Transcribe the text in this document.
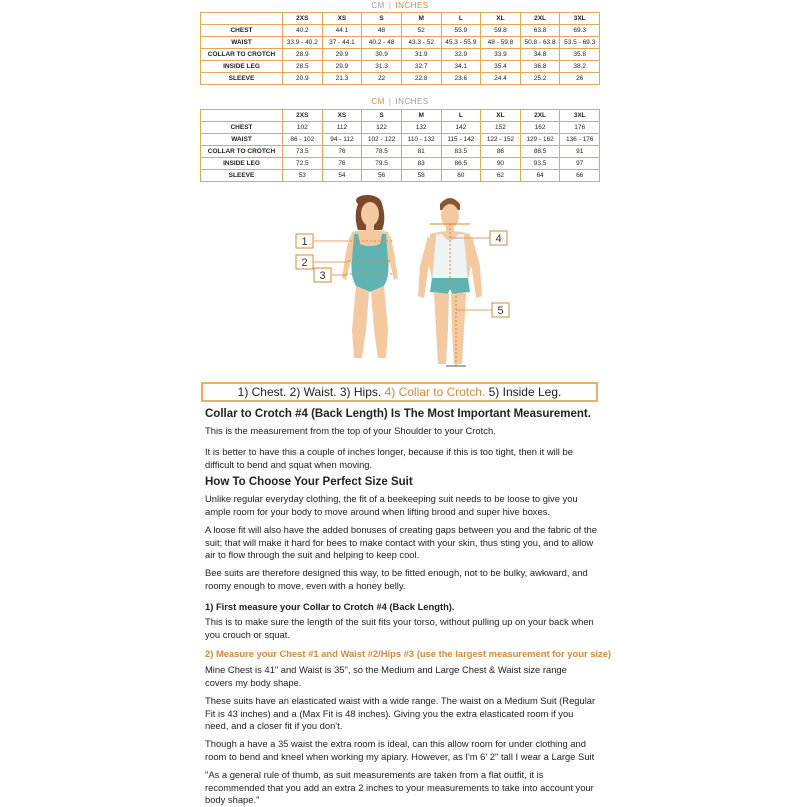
CM | INCHES
	2XS	XS	S	M	L	XL	2XL	3XL
CHEST	40.2	44.1	48	52	55.9	59.8	63.8	69.3
WAIST	33.9 - 40.2	37 - 44.1	40.2 - 48	43.3 - 52	45.3 - 55.9	48 - 59.8	50.8 - 63.8	53.5 - 69.3
COLLAR TO CROTCH	28.9	29.9	30.9	31.9	32.9	33.9	34.8	35.8
INSIDE LEG	28.5	29.9	31.3	32.7	34.1	35.4	36.8	38.2
SLEEVE	20.9	21.3	22	22.8	23.6	24.4	25.2	26
CM | INCHES
	2XS	XS	S	M	L	XL	2XL	3XL
CHEST	102	112	122	132	142	152	162	176
WAIST	86 - 102	94 - 112	102 - 122	110 - 132	115 - 142	122 - 152	129 - 162	136 - 176
COLLAR TO CROTCH	73.5	76	78.5	81	83.5	86	88.5	91
INSIDE LEG	72.5	76	79.5	83	86.5	90	93.5	97
SLEEVE	53	54	56	58	60	62	64	66
1
2
3
4
5
1) Chest. 2) Waist. 3) Hips. 4) Collar to Crotch. 5) Inside Leg.
Collar to Crotch #4 (Back Length) Is The Most Important Measurement.

This is the measurement from the top of your Shoulder to your Crotch.

It is better to have this a couple of inches longer, because if this is too tight, then it will be difficult to bend and squat when moving.

How To Choose Your Perfect Size Suit

Unlike regular everyday clothing, the fit of a beekeeping suit needs to be loose to give you ample room for your body to move around when lifting brood and super hive boxes.

A loose fit will also have the added bonuses of creating gaps between you and the fabric of the suit; that will make it hard for bees to make contact with your skin, thus sting you, and to allow air to flow through the suit and helping to keep cool.

Bee suits are therefore designed this way, to be fitted enough, not to be bulky, awkward, and roomy enough to move, even with a honey belly.

1) First measure your Collar to Crotch #4 (Back Length).

This is to make sure the length of the suit fits your torso, without pulling up on your back when you crouch or squat.

2) Measure your Chest #1 and Waist #2/Hips #3 (use the largest measurement for your size)

Mine Chest is 41" and Waist is 35", so the Medium and Large Chest & Waist size range covers my body shape.

These suits have an elasticated waist with a wide range. The waist on a Medium Suit (Regular Fit is 43 inches) and a (Max Fit is 48 inches). Giving you the extra elasticated room if you need, and a closer fit if you don't.

Though a have a 35 waist the extra room is ideal, can this allow room for under clothing and room to bend and kneel when working my apiary. However, as I'm 6' 2" tall I wear a Large Suit

"As a general rule of thumb, as suit measurements are taken from a flat outfit, it is recommended that you add an extra 2 inches to your measurements to take into account your body shape."
